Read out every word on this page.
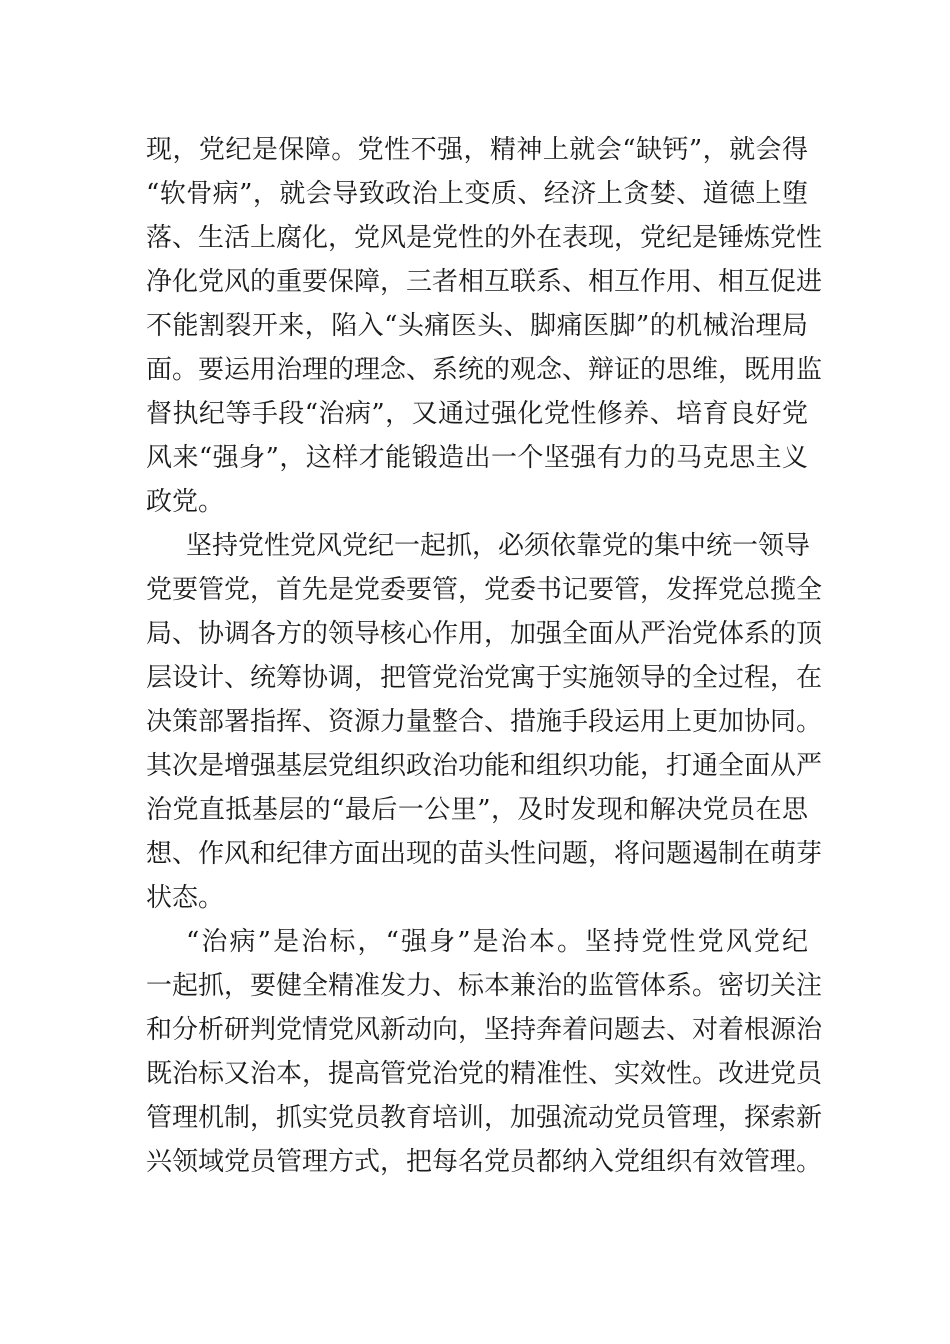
现，党纪是保障。党性不强，精神上就会“缺钙”，就会得
“软骨病”，就会导致政治上变质、经济上贪婪、道德上堕
落、生活上腐化，党风是党性的外在表现，党纪是锤炼党性
净化党风的重要保障，三者相互联系、相互作用、相互促进
不能割裂开来，陷入“头痛医头、脚痛医脚”的机械治理局
面。要运用治理的理念、系统的观念、辩证的思维，既用监
督执纪等手段“治病”，又通过强化党性修养、培育良好党
风来“强身”，这样才能锻造出一个坚强有力的马克思主义
政党。
坚持党性党风党纪一起抓，必须依靠党的集中统一领导
党要管党，首先是党委要管，党委书记要管，发挥党总揽全
局、协调各方的领导核心作用，加强全面从严治党体系的顶
层设计、统筹协调，把管党治党寓于实施领导的全过程，在
决策部署指挥、资源力量整合、措施手段运用上更加协同。
其次是增强基层党组织政治功能和组织功能，打通全面从严
治党直抵基层的“最后一公里”，及时发现和解决党员在思
想、作风和纪律方面出现的苗头性问题，将问题遏制在萌芽
状态。
“治病”是治标，“强身”是治本。坚持党性党风党纪
一起抓，要健全精准发力、标本兼治的监管体系。密切关注
和分析研判党情党风新动向，坚持奔着问题去、对着根源治
既治标又治本，提高管党治党的精准性、实效性。改进党员
管理机制，抓实党员教育培训，加强流动党员管理，探索新
兴领域党员管理方式，把每名党员都纳入党组织有效管理。
